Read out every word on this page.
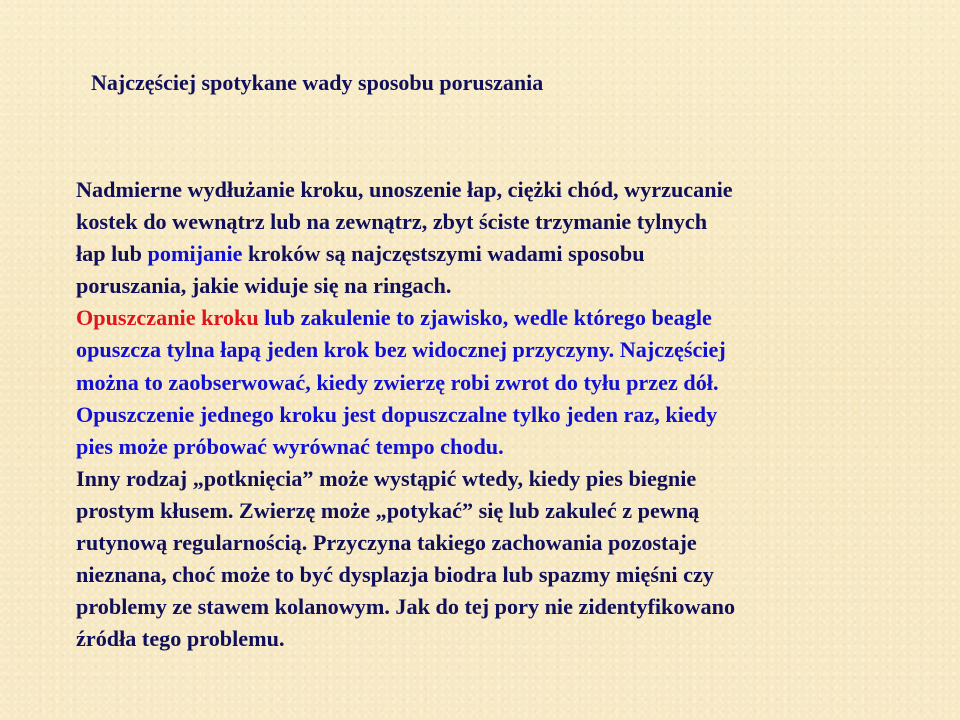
Najczęściej spotykane wady sposobu poruszania

Nadmierne wydłużanie kroku, unoszenie łap, ciężki chód, wyrzucanie
kostek do wewnątrz lub na zewnątrz, zbyt ściste trzymanie tylnych
łap lub pomijanie kroków są najczęstszymi wadami sposobu
poruszania, jakie widuje się na ringach.

Opuszczanie kroku lub zakulenie to zjawisko, wedle którego beagle
opuszcza tylna łapą jeden krok bez widocznej przyczyny. Najczęściej
można to zaobserwować, kiedy zwierzę robi zwrot do tyłu przez dół.
Opuszczenie jednego kroku jest dopuszczalne tylko jeden raz, kiedy
pies może próbować wyrównać tempo chodu.

Inny rodzaj „potknięcia” może wystąpić wtedy, kiedy pies biegnie
prostym kłusem. Zwierzę może „potykać” się lub zakuleć z pewną
rutynową regularnością. Przyczyna takiego zachowania pozostaje
nieznana, choć może to być dysplazja biodra lub spazmy mięśni czy
problemy ze stawem kolanowym. Jak do tej pory nie zidentyfikowano
źródła tego problemu.
